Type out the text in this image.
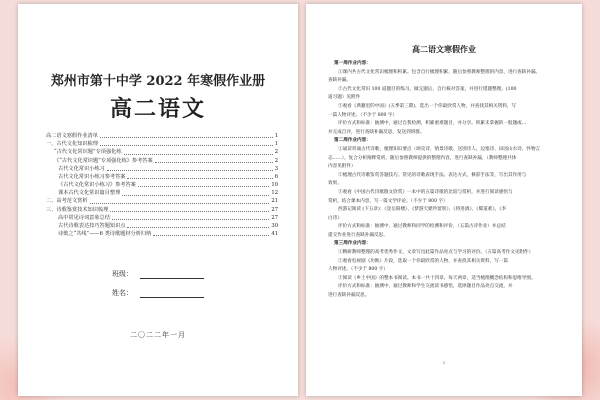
郑州市第十中学 2022 年寒假作业册
高二语文
高二语文寒假作业清单	1
一、古代文化知识梳理	1
“古代文化常识题”专项强化练	2
《“古代文化常识题”专项强化练》参考答案	2
古代文化常识小练习	3
古代文化常识小练习参考答案	6
《古代文化常识小练习》参考答案	10
课本古代文化常识篇目整理	12
二、高考范文赏析	21
三、诗歌鉴赏技术知识梳理	27
高中常见诗词意象总结	27
古代诗歌表达技巧答题知识点	30
诗歌之“共线”——6 类诗歌题材分析归纳	41
班级：
姓名：
二〇二二年一月
高二语文寒假作业
第一周作业内容：
①课内共古代文化常识梳理和积累。包含自行梳理积累，随后参照教师整理的内容，进行查缺补漏。
查缺补漏。
②古代文化常识 100 道题目的练习。做完题后，自行核对答案，并进行错题整理。(100
道习题）见附件
③观看《典籍里的中国》(五季第三期)，选出一个你最欣赏人物，并查找其相关资料，写
一篇人物评述。（不少于 800 字）
评价方式和标准：抽测中，通过自我检测，积累重难题目，并分享。积累未掌握的一般题或...
并完成自评，进行查缺补漏反思，发送到班群。
第二周作业内容：
①诵读背诵古代诗歌，梳理知识要点（颂史诗、情景诗歌、送别诗人、边塞诗、田园山水诗、怀物言
志……），复合分析阐释赏析，随后参照教师提供的整理内容，进行查缺补漏，（教师整理共体
内容见附件）
②梳理古代诗歌鉴赏答题技巧。常见的诗歌表现手法、表达方式，修辞手法等，写出其作用与
效果。
③观看《中国古代诗歌散文欣赏》一本中的五篇诗歌的比较与赏析，并进行阅读感悟与
赏析，结合课本内容，写一篇文学评论。（不少于 800 字）
西游记阅读 (下五章)：《登岳阳楼》、《梦游天姥吟留别》、《将进酒》、《蜀道难》、《李
白诗》
评价方式和标准：抽测中，通过教师和同学的检测和评价，（五篇古诗作业）并总结
提交作业进行查缺补漏反思。
第三周作业内容：
①精研教师整理的高考优秀作文，文章写出此篇作品亮点与学习的评价。（五篇高考作文见附件）
②观看电视剧《功勋》片段，选取一个你最欣赏的人物，并查找其相关资料，写一篇
人物评述。（不少于 800 字）
③阅读《乡土中国》的整本书阅读。本书一共十四章。每天两章，适当梳理概念结构和思维导图。
评价方式和标准：抽测中，通过教师和学生交流读书感悟，选择题目作品亮点交流，并
进行查缺补漏反思。
1
